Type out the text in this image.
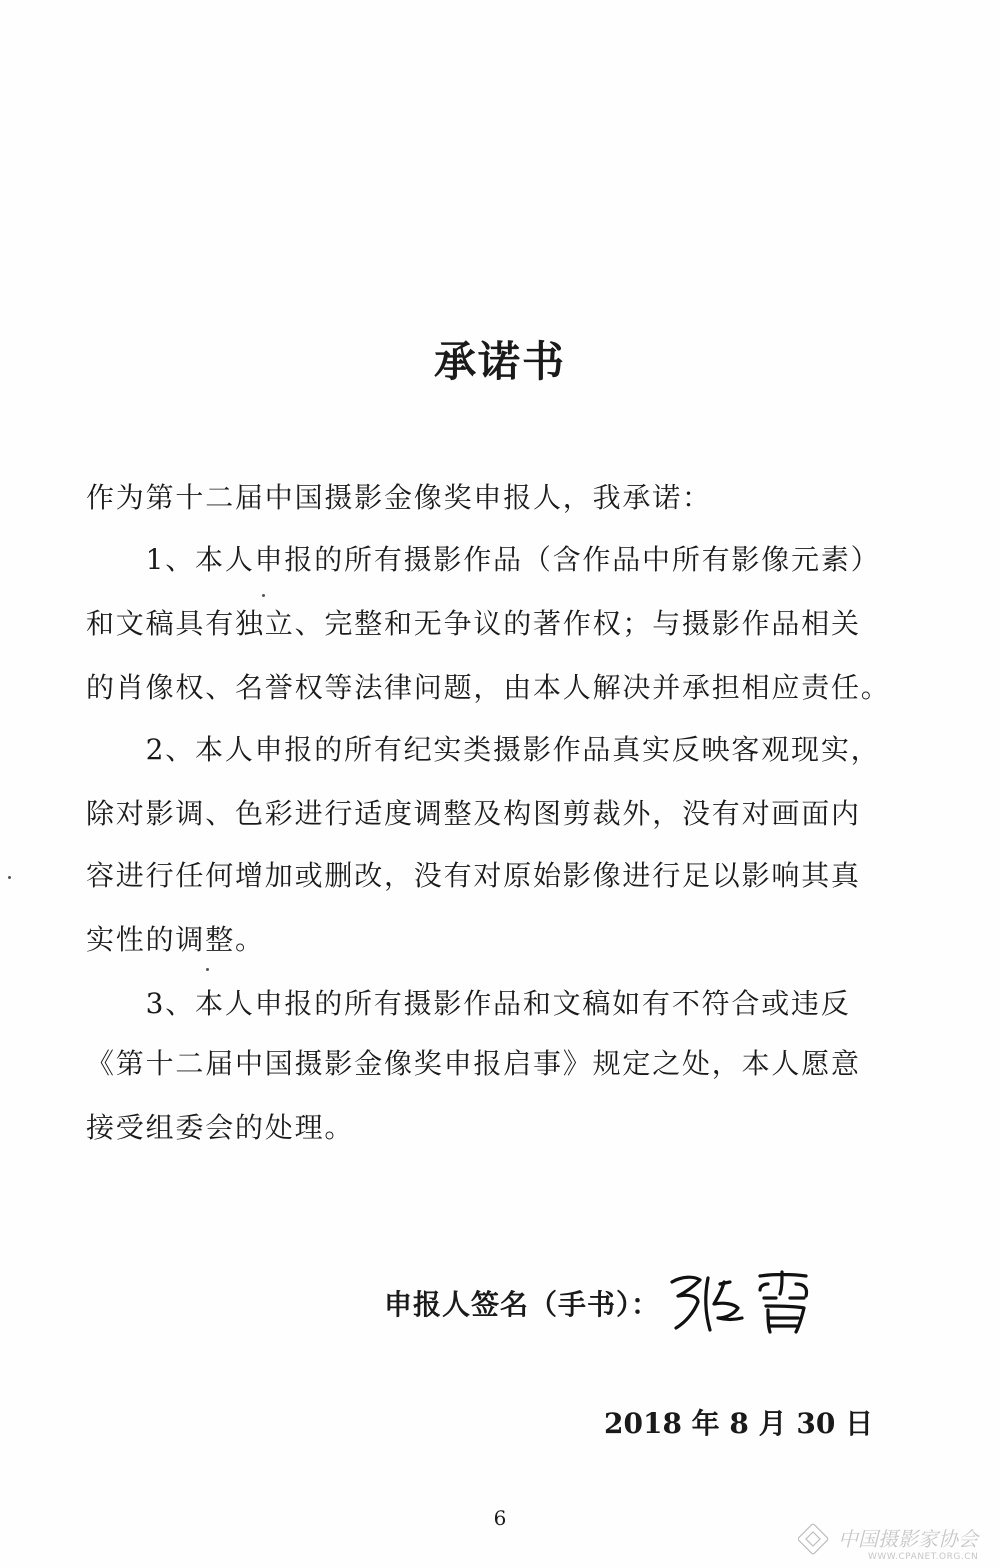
承诺书
作为第十二届中国摄影金像奖申报人，我承诺：
　　1、本人申报的所有摄影作品（含作品中所有影像元素）
和文稿具有独立、完整和无争议的著作权；与摄影作品相关
的肖像权、名誉权等法律问题，由本人解决并承担相应责任。
　　2、本人申报的所有纪实类摄影作品真实反映客观现实，
除对影调、色彩进行适度调整及构图剪裁外，没有对画面内
容进行任何增加或删改，没有对原始影像进行足以影响其真
实性的调整。
　　3、本人申报的所有摄影作品和文稿如有不符合或违反
《第十二届中国摄影金像奖申报启事》规定之处，本人愿意
接受组委会的处理。
申报人签名（手书）：
2018 年 8 月 30 日
6
中国摄影家协会
WWW.CPANET.ORG.CN
